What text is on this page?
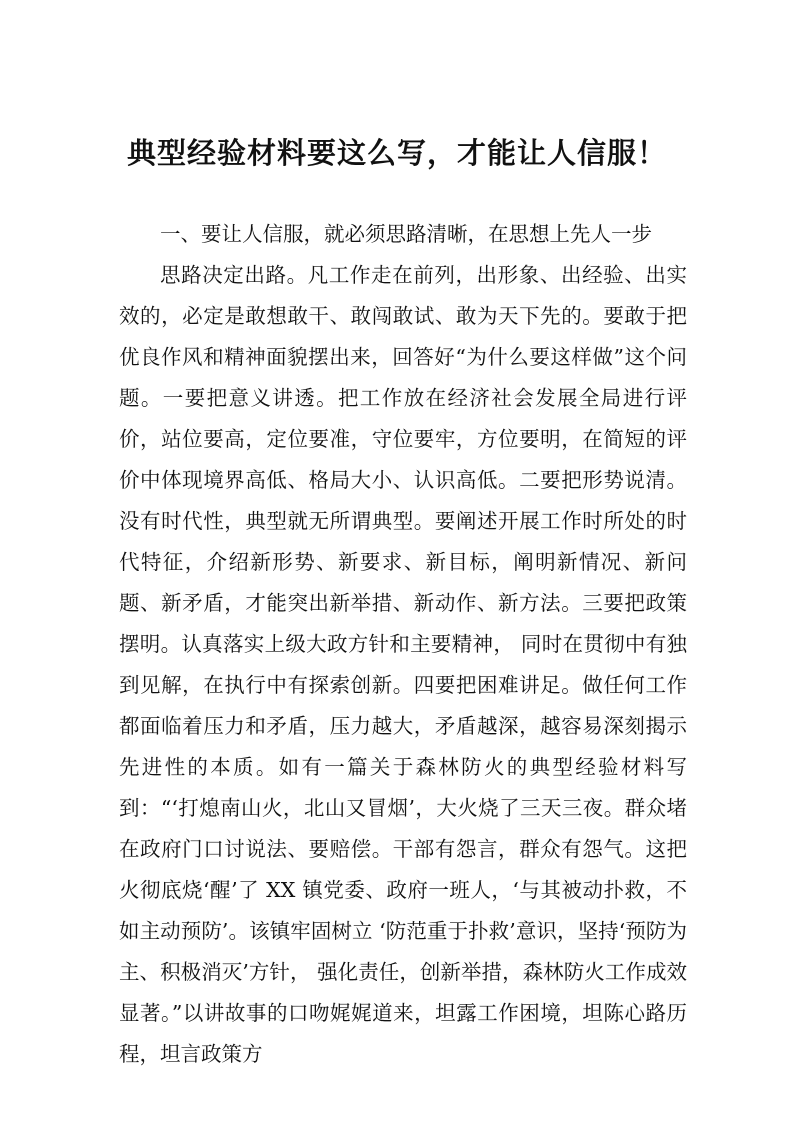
典型经验材料要这么写，才能让人信服！

一、要让人信服，就必须思路清晰，在思想上先人一步

思路决定出路。凡工作走在前列，出形象、出经验、出实效的，必定是敢想敢干、敢闯敢试、敢为天下先的。要敢于把优良作风和精神面貌摆出来，回答好“为什么要这样做”这个问题。一要把意义讲透。把工作放在经济社会发展全局进行评价，站位要高，定位要准，守位要牢，方位要明，在简短的评价中体现境界高低、格局大小、认识高低。二要把形势说清。没有时代性，典型就无所谓典型。要阐述开展工作时所处的时代特征，介绍新形势、新要求、新目标，阐明新情况、新问题、新矛盾，才能突出新举措、新动作、新方法。三要把政策摆明。认真落实上级大政方针和主要精神， 同时在贯彻中有独到见解，在执行中有探索创新。四要把困难讲足。做任何工作都面临着压力和矛盾，压力越大，矛盾越深，越容易深刻揭示先进性的本质。如有一篇关于森林防火的典型经验材料写到：“‘打熄南山火，北山又冒烟’，大火烧了三天三夜。群众堵在政府门口讨说法、要赔偿。干部有怨言，群众有怨气。这把火彻底烧‘醒’了 XX 镇党委、政府一班人，‘与其被动扑救，不如主动预防’。该镇牢固树立 ‘防范重于扑救’意识，坚持‘预防为主、积极消灭’方针， 强化责任，创新举措，森林防火工作成效显著。”以讲故事的口吻娓娓道来，坦露工作困境，坦陈心路历程，坦言政策方
